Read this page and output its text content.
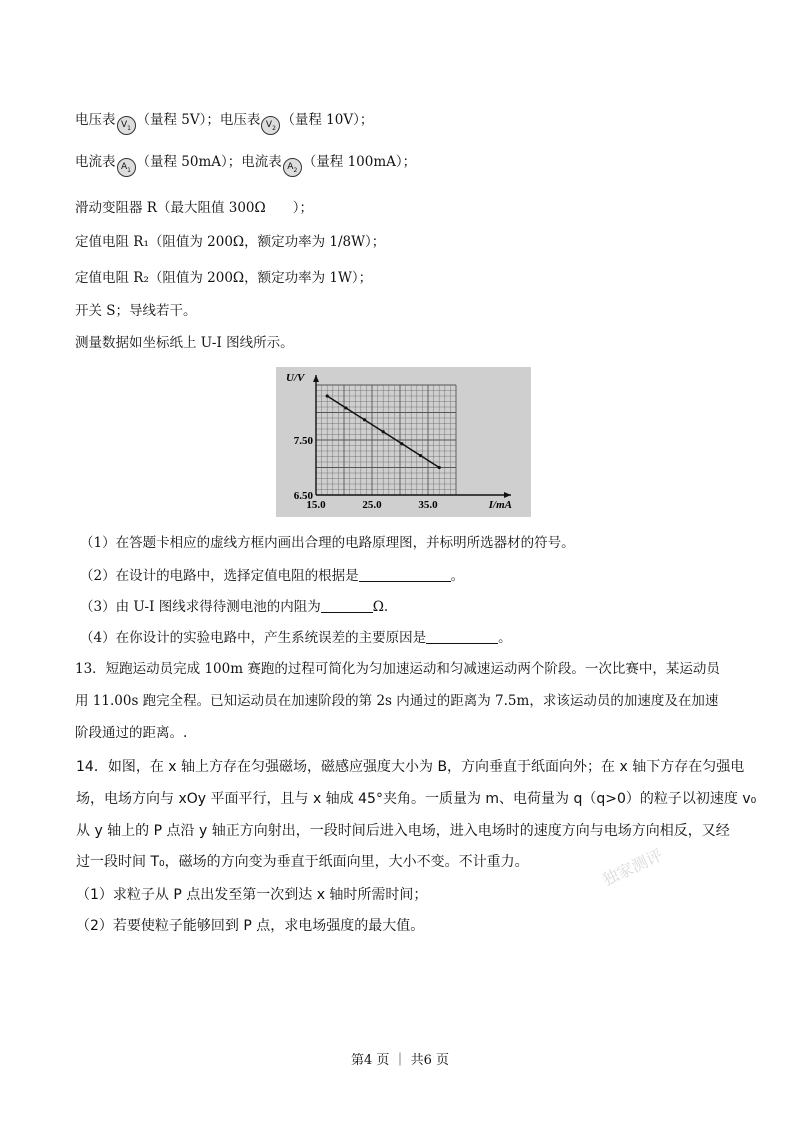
电压表 $V_1$（量程 5V）；电压表 $V_2$（量程 10V）；
电流表 $A_1$（量程 50mA）；电流表 $A_2$（量程 100mA）；
滑动变阻器 R（最大阻值 300Ω　　）；
定值电阻 R₁（阻值为 200Ω，额定功率为 1/8W）；
定值电阻 R₂（阻值为 200Ω，额定功率为 1W）；
开关 S；导线若干。
测量数据如坐标纸上 U-I 图线所示。
15.0	25.0	35.0
7.50
6.50
U/V
I/mA
（1）在答题卡相应的虚线方框内画出合理的电路原理图，并标明所选器材的符号。
（2）在设计的电路中，选择定值电阻的根据是	。
（3）由 U-I 图线求得待测电池的内阻为	Ω.
（4）在你设计的实验电路中，产生系统误差的主要原因是	。
13．短跑运动员完成 100m 赛跑的过程可简化为匀加速运动和匀减速运动两个阶段。一次比赛中，某运动员
用 11.00s 跑完全程。已知运动员在加速阶段的第 2s 内通过的距离为 7.5m，求该运动员的加速度及在加速
阶段通过的距离。.
14．如图，在 x 轴上方存在匀强磁场，磁感应强度大小为 B，方向垂直于纸面向外；在 x 轴下方存在匀强电
场，电场方向与 xOy 平面平行，且与 x 轴成 45°夹角。一质量为 m、电荷量为 q（q>0）的粒子以初速度 v₀
从 y 轴上的 P 点沿 y 轴正方向射出，一段时间后进入电场，进入电场时的速度方向与电场方向相反，又经
过一段时间 T₀，磁场的方向变为垂直于纸面向里，大小不变。不计重力。
（1）求粒子从 P 点出发至第一次到达 x 轴时所需时间；
（2）若要使粒子能够回到 P 点，求电场强度的最大值。
独家测评
第4 页 ｜ 共6 页
